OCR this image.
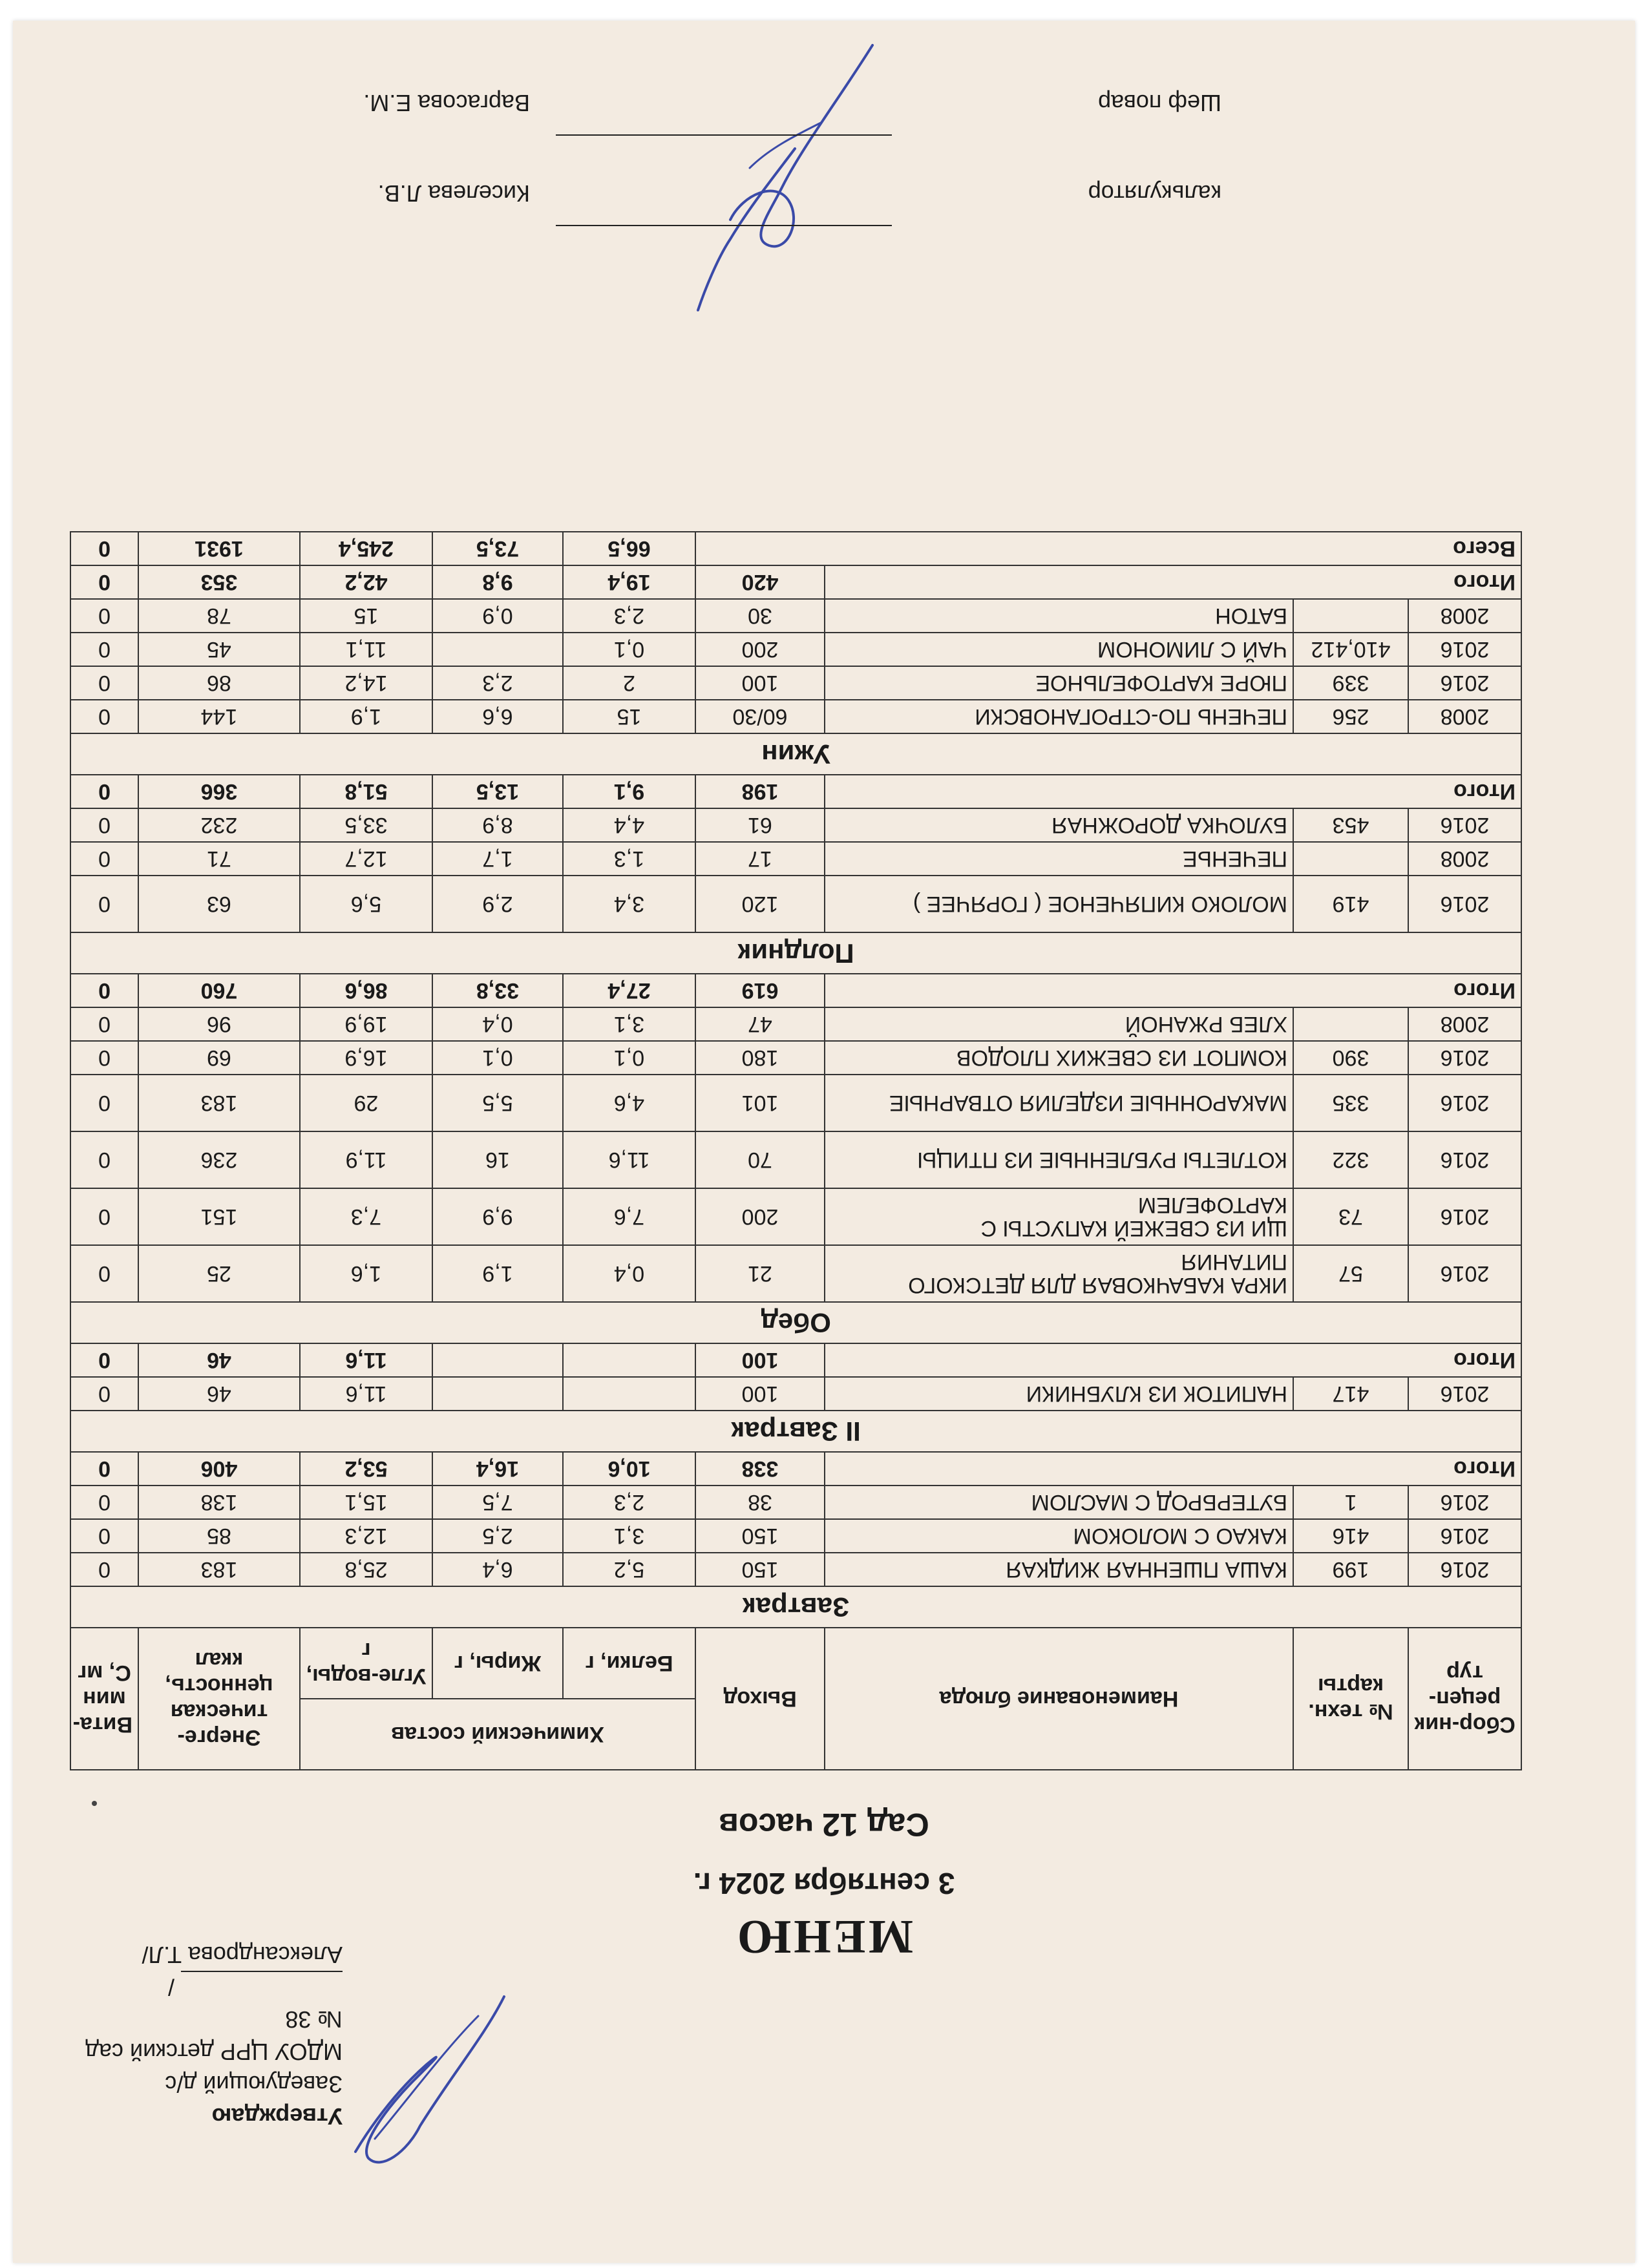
Утверждаю
Заведующий д/с
МДОУ ЦРР детский сад № 38
/Александрова Т.Л/	МЕНЮ
3 сентября 2024 г.
Сад 12 часов
Сбор-ник рецеп-тур	№ техн. карты	Наименование блюда	Выход	Химический состав			Энерге-тическая ценность, ккал	Вита-мин С, мг
				Белки, г	Жиры, г	Угле-воды, г		
Завтрак								
2016	199	КАША ПШЕННАЯ ЖИДКАЯ	150	5,2	6,4	25,8	183	0
2016	416	КАКАО С МОЛОКОМ	150	3,1	2,5	12,3	85	0
2016	1	БУТЕРБРОД С МАСЛОМ	38	2,3	7,5	15,1	138	0
Итого			338	10,6	16,4	53,2	406	0
II Завтрак								
2016	417	НАПИТОК ИЗ КЛУБНИКИ	100			11,6	46	0
Итого			100			11,6	46	0
Обед								
2016	57	ИКРА КАБАЧКОВАЯ ДЛЯ ДЕТСКОГО ПИТАНИЯ	21	0,4	1,9	1,6	25	0
2016	73	ЩИ ИЗ СВЕЖЕЙ КАПУСТЫ С КАРТОФЕЛЕМ	200	7,6	9,9	7,3	151	0
2016	322	КОТЛЕТЫ РУБЛЕННЫЕ ИЗ ПТИЦЫ	70	11,6	16	11,9	236	0
2016	335	МАКАРОННЫЕ ИЗДЕЛИЯ ОТВАРНЫЕ	101	4,6	5,5	29	183	0
2016	390	КОМПОТ ИЗ СВЕЖИХ ПЛОДОВ	180	0,1	0,1	16,9	69	0
2008		ХЛЕБ РЖАНОЙ	47	3,1	0,4	19,9	96	0
Итого			619	27,4	33,8	86,6	760	0
Полдник								
2016	419	МОЛОКО КИПЯЧЕНОЕ ( ГОРЯЧЕЕ )	120	3,4	2,9	5,6	63	0
2008		ПЕЧЕНЬЕ	17	1,3	1,7	12,7	71	0
2016	453	БУЛОЧКА ДОРОЖНАЯ	61	4,4	8,9	33,5	232	0
Итого			198	9,1	13,5	51,8	366	0
Ужин								
2008	256	ПЕЧЕНЬ ПО-СТРОГАНОВСКИ	60/30	15	6,6	1,9	144	0
2016	339	ПЮРЕ КАРТОФЕЛЬНОЕ	100	2	2,3	14,2	86	0
2016	410,412	ЧАЙ С ЛИМОНОМ	200	0,1		11,1	45	0
2008		БАТОН	30	2,3	0,9	15	78	0
Итого			420	19,4	9,8	42,2	353	0
Всего				66,5	73,5	245,4	1931	0
калькулятор
Киселева Л.В.
Шеф повар
Варгасова Е.М.
